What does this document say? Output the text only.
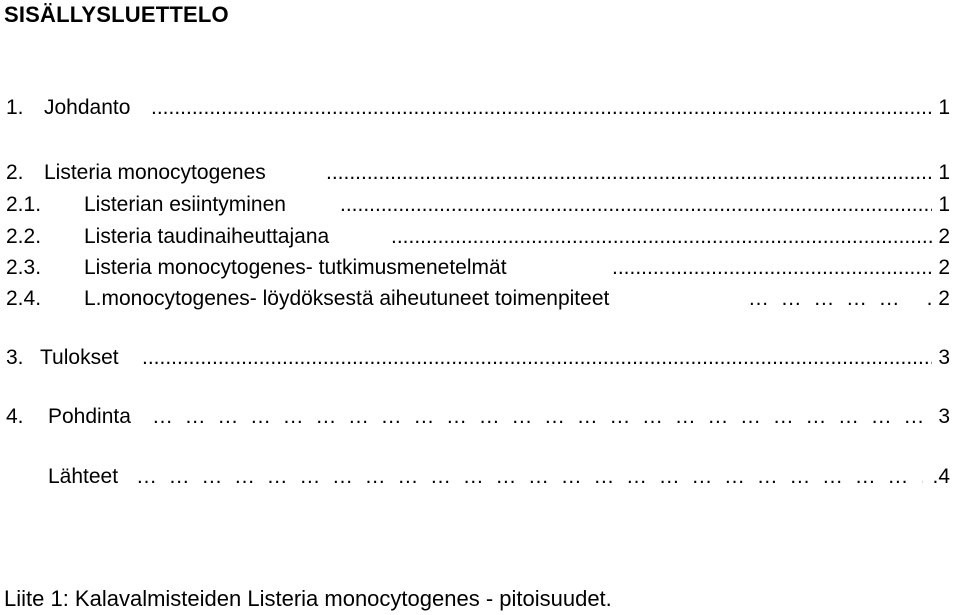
SISÄLLYSLUETTELO
1. Johdanto .....	1
2. Listeria monocytogenes .....	1
2.1. Listerian esiintyminen .....	1
2.2. Listeria taudinaiheuttajana .....	2
2.3. Listeria monocytogenes- tutkimusmenetelmät .....	2
2.4. L.monocytogenes- löydöksestä aiheutuneet toimenpiteet …  …  …  …  …  …  …  …  …  …  …  …  …  …  …  …  …  …  …  …  …  …  …  …  …  …  …  …	. 2
3. Tulokset .....	3
4. Pohdinta …  …  …  …  …  …  …  …  …  …  …  …  …  …  …  …  …  …  …  …  …  …  …  …  …  …  …  …	3
Lähteet …  …  …  …  …  …  …  …  …  …  …  …  …  …  …  …  …  …  …  …  …  …  …  …  …  …  …  …	.4
Liite 1: Kalavalmisteiden Listeria monocytogenes - pitoisuudet.
